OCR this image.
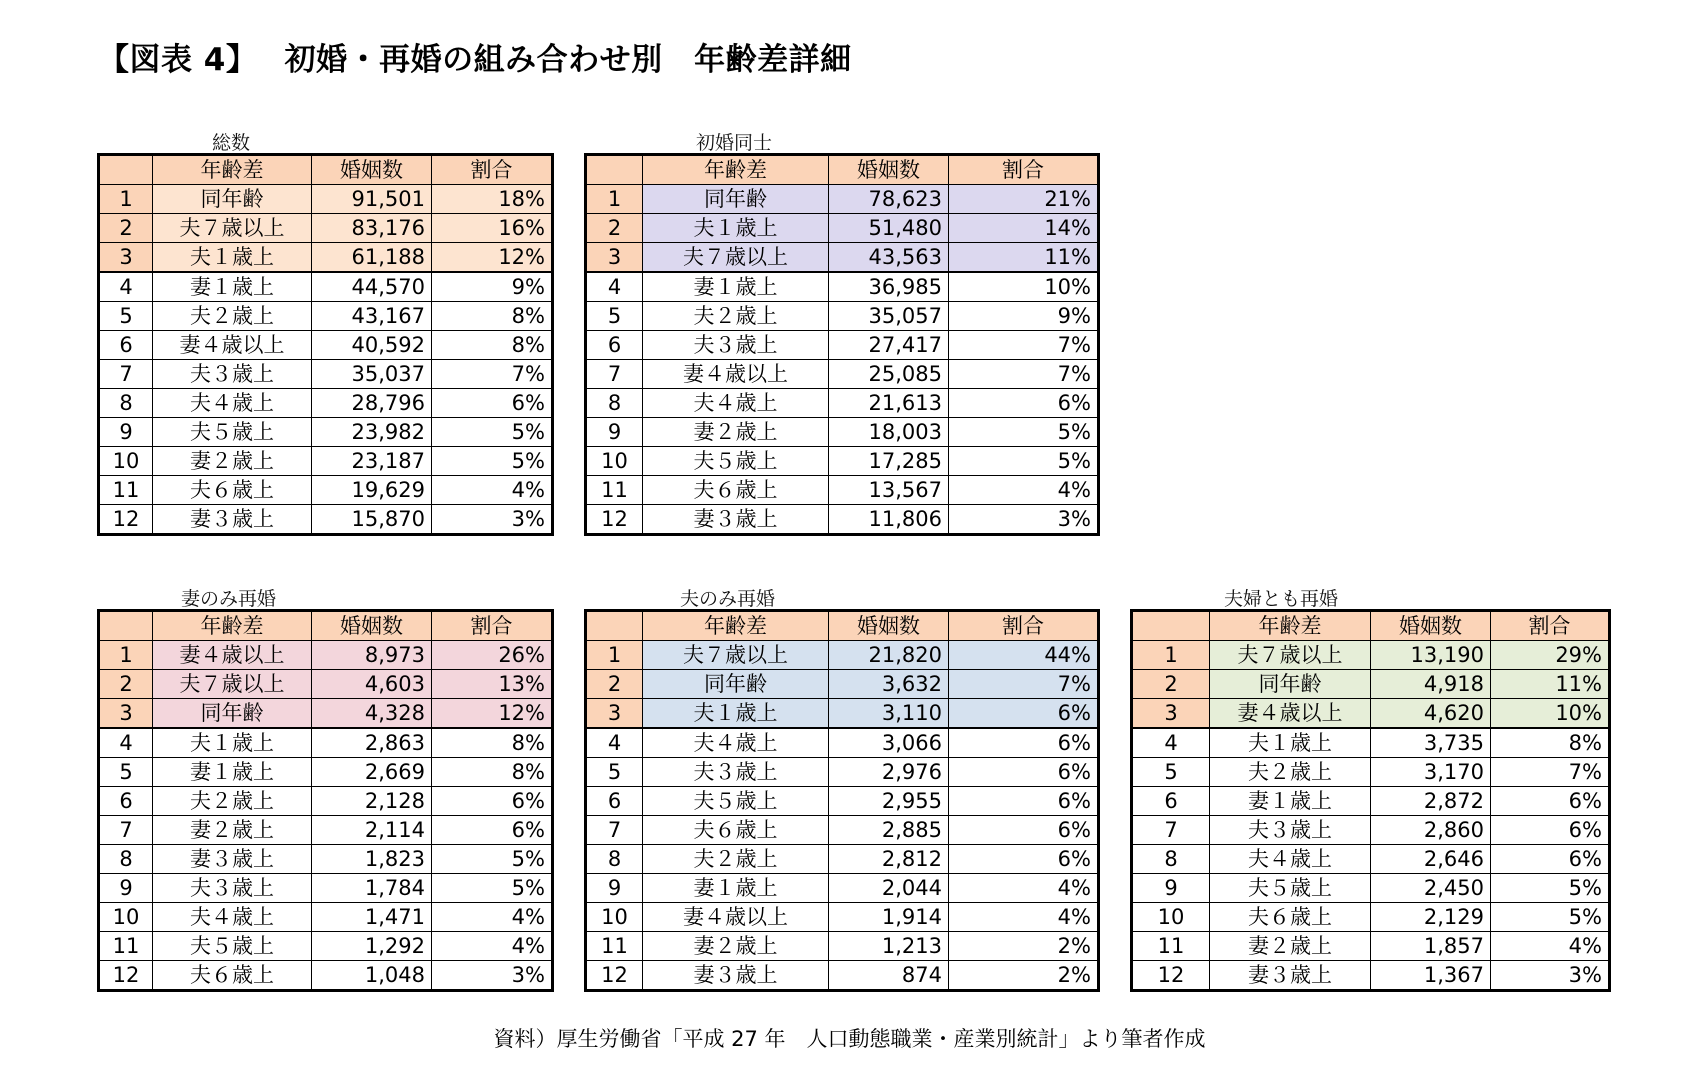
【図表 4】　 初婚・再婚の組み合わせ別　年齢差詳細
総数	初婚同士
妻のみ再婚	夫のみ再婚	夫婦とも再婚
	年齢差	婚姻数	割合
1	同年齢	91,501	18%
2	夫７歳以上	83,176	16%
3	夫１歳上	61,188	12%
4	妻１歳上	44,570	9%
5	夫２歳上	43,167	8%
6	妻４歳以上	40,592	8%
7	夫３歳上	35,037	7%
8	夫４歳上	28,796	6%
9	夫５歳上	23,982	5%
10	妻２歳上	23,187	5%
11	夫６歳上	19,629	4%
12	妻３歳上	15,870	3%
	年齢差	婚姻数	割合
1	同年齢	78,623	21%
2	夫１歳上	51,480	14%
3	夫７歳以上	43,563	11%
4	妻１歳上	36,985	10%
5	夫２歳上	35,057	9%
6	夫３歳上	27,417	7%
7	妻４歳以上	25,085	7%
8	夫４歳上	21,613	6%
9	妻２歳上	18,003	5%
10	夫５歳上	17,285	5%
11	夫６歳上	13,567	4%
12	妻３歳上	11,806	3%
	年齢差	婚姻数	割合
1	妻４歳以上	8,973	26%
2	夫７歳以上	4,603	13%
3	同年齢	4,328	12%
4	夫１歳上	2,863	8%
5	妻１歳上	2,669	8%
6	夫２歳上	2,128	6%
7	妻２歳上	2,114	6%
8	妻３歳上	1,823	5%
9	夫３歳上	1,784	5%
10	夫４歳上	1,471	4%
11	夫５歳上	1,292	4%
12	夫６歳上	1,048	3%
	年齢差	婚姻数	割合
1	夫７歳以上	21,820	44%
2	同年齢	3,632	7%
3	夫１歳上	3,110	6%
4	夫４歳上	3,066	6%
5	夫３歳上	2,976	6%
6	夫５歳上	2,955	6%
7	夫６歳上	2,885	6%
8	夫２歳上	2,812	6%
9	妻１歳上	2,044	4%
10	妻４歳以上	1,914	4%
11	妻２歳上	1,213	2%
12	妻３歳上	874	2%
	年齢差	婚姻数	割合
1	夫７歳以上	13,190	29%
2	同年齢	4,918	11%
3	妻４歳以上	4,620	10%
4	夫１歳上	3,735	8%
5	夫２歳上	3,170	7%
6	妻１歳上	2,872	6%
7	夫３歳上	2,860	6%
8	夫４歳上	2,646	6%
9	夫５歳上	2,450	5%
10	夫６歳上	2,129	5%
11	妻２歳上	1,857	4%
12	妻３歳上	1,367	3%
資料）厚生労働省「平成 27 年　人口動態職業・産業別統計」より筆者作成
